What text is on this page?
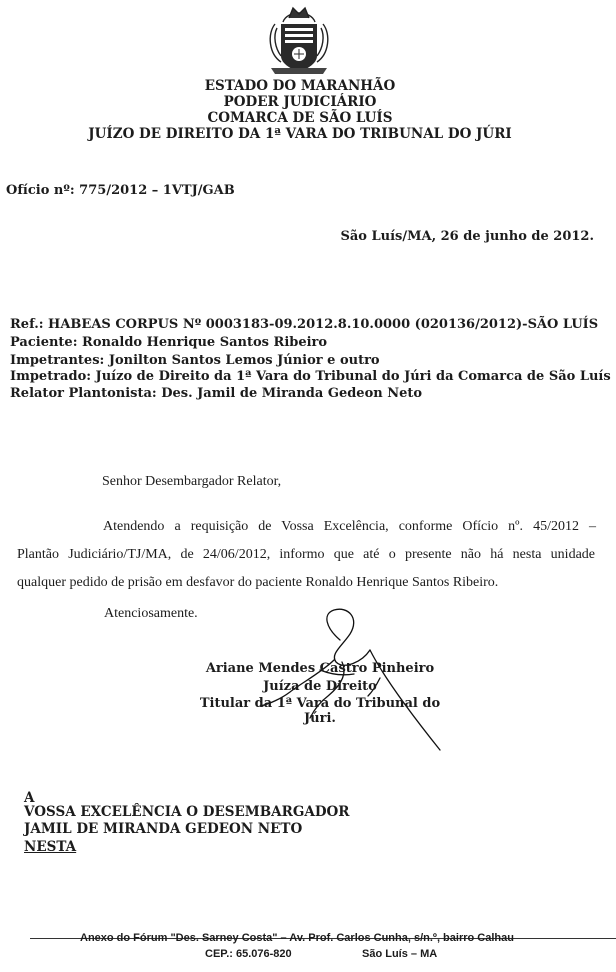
ESTADO DO MARANHÃO
PODER JUDICIÁRIO
COMARCA DE SÃO LUÍS
JUÍZO DE DIREITO DA 1ª VARA DO TRIBUNAL DO JÚRI
Ofício nº: 775/2012 – 1VTJ/GAB
São Luís/MA, 26 de junho de 2012.
Ref.: HABEAS CORPUS Nº 0003183-09.2012.8.10.0000 (020136/2012)-SÃO LUÍS
Paciente: Ronaldo Henrique Santos Ribeiro
Impetrantes: Jonilton Santos Lemos Júnior e outro
Impetrado: Juízo de Direito da 1ª Vara do Tribunal do Júri da Comarca de São Luís
Relator Plantonista: Des. Jamil de Miranda Gedeon Neto
Senhor Desembargador Relator,
Atendendo a requisição de Vossa Excelência, conforme Ofício nº. 45/2012 –
Plantão Judiciário/TJ/MA, de 24/06/2012, informo que até o presente não há nesta unidade
qualquer pedido de prisão em desfavor do paciente Ronaldo Henrique Santos Ribeiro.
Atenciosamente.
Ariane Mendes Castro Pinheiro
Juíza de Direito
Titular da 1ª Vara do Tribunal do Júri.
A
VOSSA EXCELÊNCIA O DESEMBARGADOR
JAMIL DE MIRANDA GEDEON NETO
NESTA
Anexo do Fórum "Des. Sarney Costa" – Av. Prof. Carlos Cunha, s/n.º, bairro Calhau
CEP.: 65.076-820	São Luís – MA
